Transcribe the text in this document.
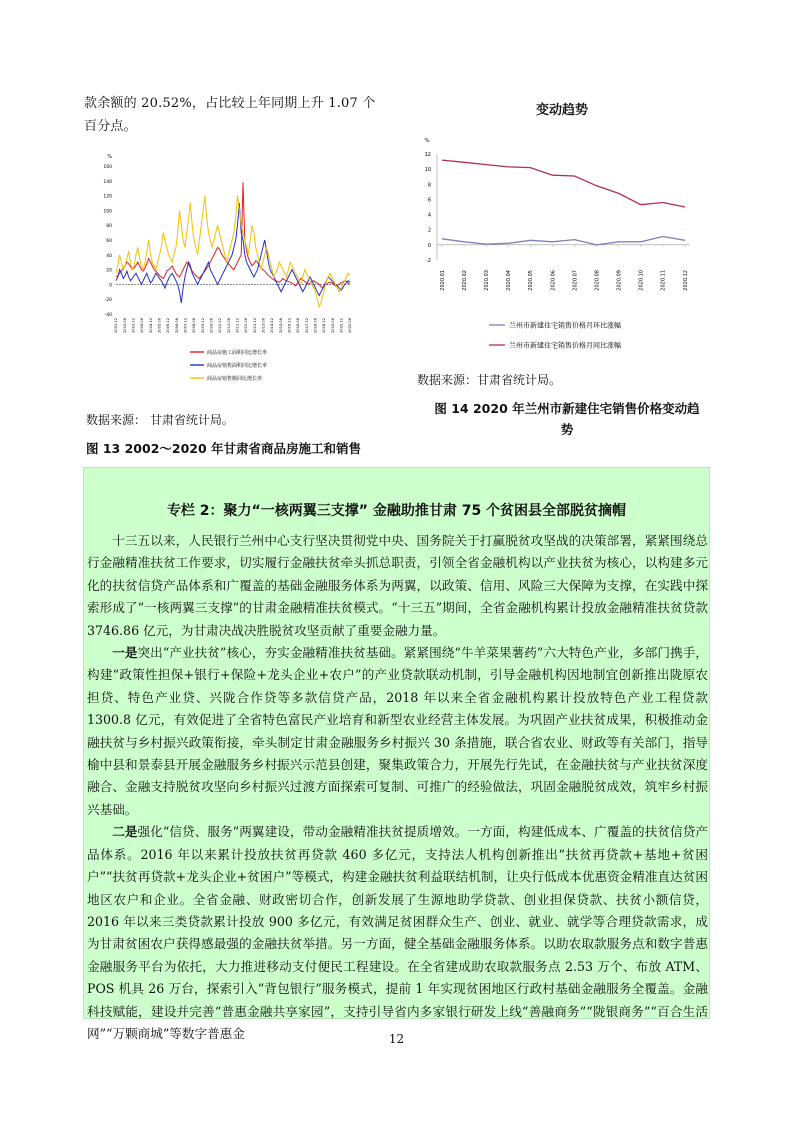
款余额的 20.52%，占比较上年同期上升 1.07 个
百分点。
%
-40
-20
0
20
40
60
80
100
120
140
160
2002.12 2002.06 2003.12 2004.06 2004.12 2005.06 2006.12 2006.06 2007.12 2008.06 2009.12 2009.06 2010.12 2011.06 2011.12 2012.06 2013.12 2013.06 2014.12 2015.06 2016.12 2016.06 2017.12 2018.06 2018.12 2019.06 2020.12 2020.06
商品房施工面积同比增长率
商品房销售面积同比增长率
商品房销售额同比增长率
数据来源： 甘肃省统计局。
图 13 2002～2020 年甘肃省商品房施工和销售
变动趋势
%
-2
0
2
4
6
8
10
12
2020.01	2020.02	2020.03	2020.04	2020.05	2020.06	2020.07	2020.08	2020.09	2020.10	2020.11	2020.12
兰州市新建住宅销售价格月环比涨幅
兰州市新建住宅销售价格月同比涨幅
数据来源：甘肃省统计局。
图 14 2020 年兰州市新建住宅销售价格变动趋
势
专栏 2：聚力“一核两翼三支撑” 金融助推甘肃 75 个贫困县全部脱贫摘帽

十三五以来，人民银行兰州中心支行坚决贯彻党中央、国务院关于打赢脱贫攻坚战的决策部署，紧紧围绕总行金融精准扶贫工作要求，切实履行金融扶贫牵头抓总职责，引领全省金融机构以产业扶贫为核心，以构建多元化的扶贫信贷产品体系和广覆盖的基础金融服务体系为两翼，以政策、信用、风险三大保障为支撑，在实践中探索形成了“一核两翼三支撑”的甘肃金融精准扶贫模式。“十三五”期间，全省金融机构累计投放金融精准扶贫贷款 3746.86 亿元，为甘肃决战决胜脱贫攻坚贡献了重要金融力量。

一是突出“产业扶贫”核心，夯实金融精准扶贫基础。紧紧围绕“牛羊菜果薯药”六大特色产业，多部门携手，构建“政策性担保+银行+保险+龙头企业+农户”的产业贷款联动机制，引导金融机构因地制宜创新推出陇原农担贷、特色产业贷、兴陇合作贷等多款信贷产品，2018 年以来全省金融机构累计投放特色产业工程贷款 1300.8 亿元，有效促进了全省特色富民产业培育和新型农业经营主体发展。为巩固产业扶贫成果，积极推动金融扶贫与乡村振兴政策衔接，牵头制定甘肃金融服务乡村振兴 30 条措施，联合省农业、财政等有关部门，指导榆中县和景泰县开展金融服务乡村振兴示范县创建，聚集政策合力，开展先行先试，在金融扶贫与产业扶贫深度融合、金融支持脱贫攻坚向乡村振兴过渡方面探索可复制、可推广的经验做法，巩固金融脱贫成效，筑牢乡村振兴基础。

二是强化“信贷、服务”两翼建设，带动金融精准扶贫提质增效。一方面，构建低成本、广覆盖的扶贫信贷产品体系。2016 年以来累计投放扶贫再贷款 460 多亿元，支持法人机构创新推出“扶贫再贷款+基地+贫困户”“扶贫再贷款+龙头企业+贫困户”等模式，构建金融扶贫利益联结机制，让央行低成本优惠资金精准直达贫困地区农户和企业。全省金融、财政密切合作，创新发展了生源地助学贷款、创业担保贷款、扶贫小额信贷，2016 年以来三类贷款累计投放 900 多亿元，有效满足贫困群众生产、创业、就业、就学等合理贷款需求，成为甘肃贫困农户获得感最强的金融扶贫举措。另一方面，健全基础金融服务体系。以助农取款服务点和数字普惠金融服务平台为依托，大力推进移动支付便民工程建设。在全省建成助农取款服务点 2.53 万个、布放 ATM、POS 机具 26 万台，探索引入“背包银行”服务模式，提前 1 年实现贫困地区行政村基础金融服务全覆盖。金融科技赋能，建设并完善“普惠金融共享家园”，支持引导省内多家银行研发上线“善融商务”“陇银商务”“百合生活网”“万颗商城”等数字普惠金	12
